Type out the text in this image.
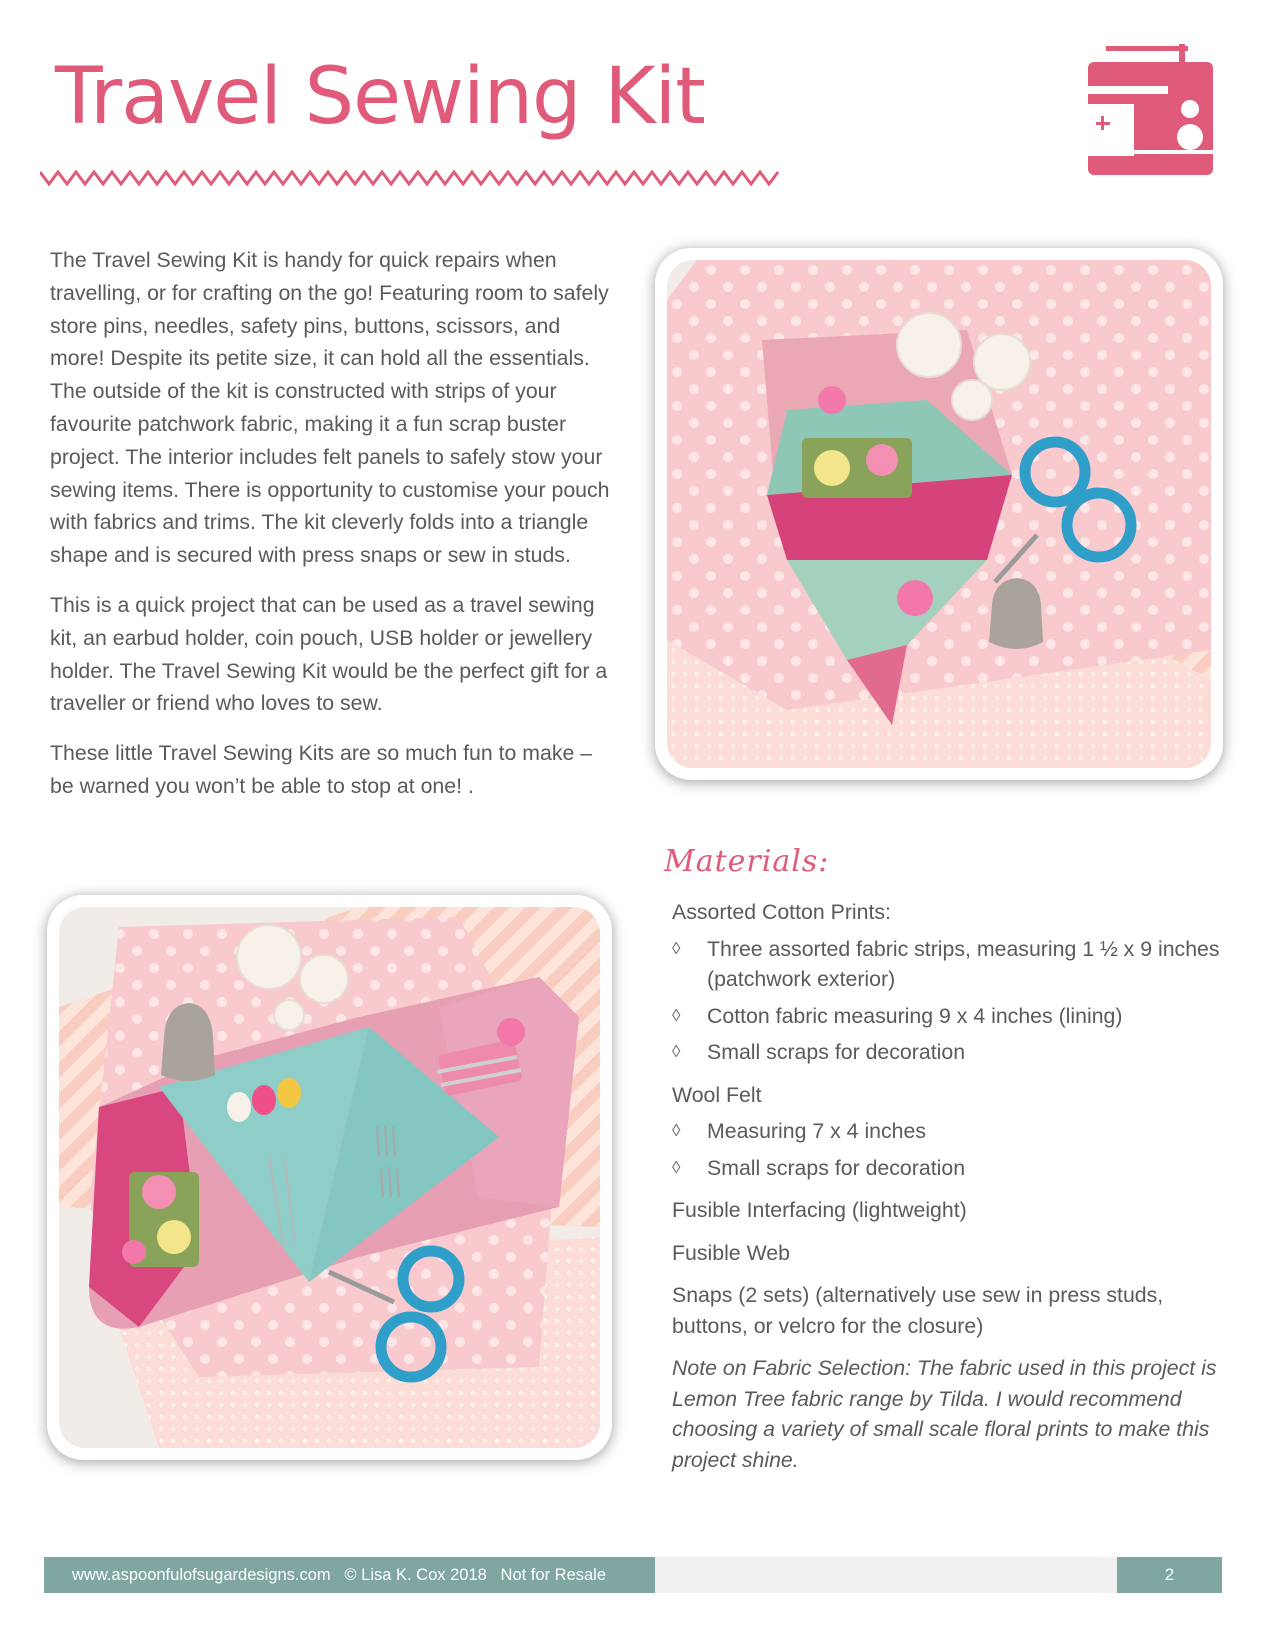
Travel Sewing Kit

The Travel Sewing Kit is handy for quick repairs when travelling, or for crafting on the go! Featuring room to safely store pins, needles, safety pins, buttons, scissors, and more! Despite its petite size, it can hold all the essentials. The outside of the kit is constructed with strips of your favourite patchwork fabric, making it a fun scrap buster project. The interior includes felt panels to safely stow your sewing items. There is opportunity to customise your pouch with fabrics and trims. The kit cleverly folds into a triangle shape and is secured with press snaps or sew in studs.

This is a quick project that can be used as a travel sewing kit, an earbud holder, coin pouch, USB holder or jewellery holder. The Travel Sewing Kit would be the perfect gift for a traveller or friend who loves to sew.

These little Travel Sewing Kits are so much fun to make – be warned you won’t be able to stop at one! .

Materials:
Assorted Cotton Prints:
◊ Three assorted fabric strips, measuring 1 ½ x 9 inches (patchwork exterior)
◊ Cotton fabric measuring 9 x 4 inches (lining)
◊ Small scraps for decoration
Wool Felt
◊ Measuring 7 x 4 inches
◊ Small scraps for decoration
Fusible Interfacing (lightweight)
Fusible Web
Snaps (2 sets) (alternatively use sew in press studs, buttons, or velcro for the closure)
Note on Fabric Selection: The fabric used in this project is Lemon Tree fabric range by Tilda. I would recommend choosing a variety of small scale floral prints to make this project shine.
www.aspoonfulofsugardesigns.com   © Lisa K. Cox 2018   Not for Resale	2
